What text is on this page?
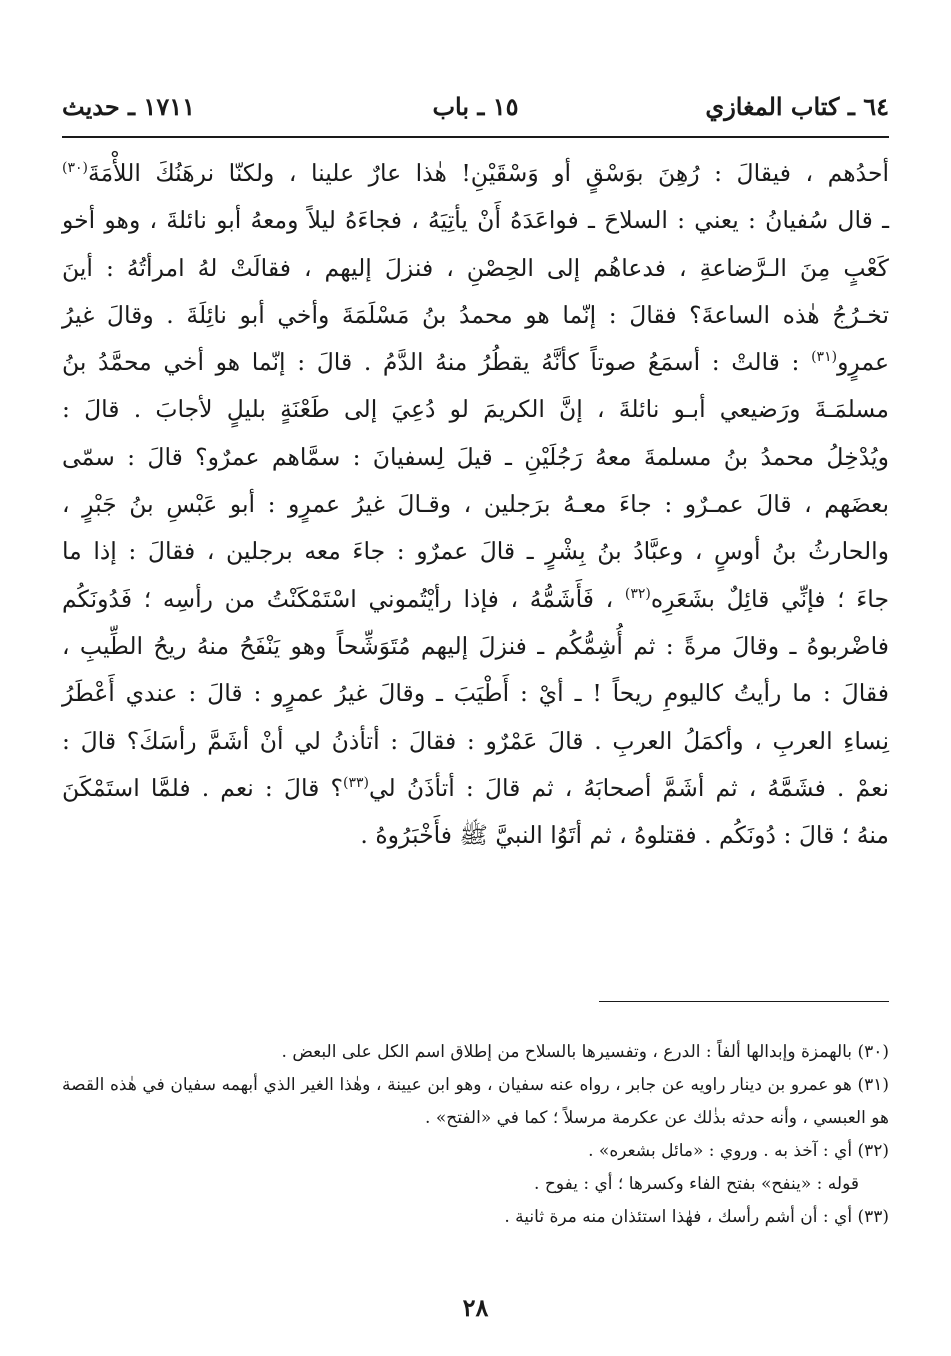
٦٤ ـ كتاب المغازي
١٥ ـ باب
١٧١١ ـ حديث

أحدُهم ، فيقالَ : رُهِنَ بوَسْقٍ أو وَسْقَيْنِ! هٰذا عارٌ علينا ، ولكنّا نرهَنُكَ اللأْمَةَ$^{(٣٠)}$

ـ قال سُفيانُ : يعني : السلاحَ ـ فواعَدَهُ أَنْ يأتِيَهُ ، فجاءَهُ ليلاً ومعهُ أبو نائلةَ ، وهو أخو

كَعْبٍ مِنَ الـرَّضاعةِ ، فدعاهُم إلى الحِصْنِ ، فنزلَ إليهم ، فقالَتْ لهُ امرأتُهُ : أينَ

تخـرُجُ هٰذه الساعةَ؟ فقالَ : إنّما هو محمدُ بنُ مَسْلَمَةَ وأخي أبو نائِلَةَ . وقالَ غيرُ

عمرٍو$^{(٣١)}$ : قالتْ : أسمَعُ صوتاً كأنَّهُ يقطُرُ منهُ الدَّمُ . قالَ : إنّما هو أخي محمَّدُ بنُ

مسلمَـةَ ورَضيعي أبـو نائلةَ ، إنَّ الكريمَ لو دُعِيَ إلى طَعْنَةٍ بليلٍ لأجابَ . قالَ :

ويُدْخِلُ محمدُ بنُ مسلمةَ معهُ رَجُلَيْنِ ـ قيلَ لِسفيانَ : سمَّاهم عمرٌو؟ قالَ : سمّى

بعضَهم ، قالَ عمـرٌو : جاءَ معـهُ برَجلين ، وقـالَ غيرُ عمرٍو : أبو عَبْسِ بنُ جَبْرٍ ،

والحارثُ بنُ أوسٍ ، وعبَّادُ بنُ بِشْرٍ ـ قالَ عمرٌو : جاءَ معه برجلين ، فقالَ : إذا ما

جاءَ ؛ فإنِّي قائِلٌ بشَعَرِه$^{(٣٢)}$ ، فَأَشَمُّهُ ، فإذا رأيْتُموني اسْتَمْكَنْتُ من رأسِه ؛ فَدُونَكُم

فاضْربوهُ ـ وقالَ مرةً : ثم أُشِمُّكُم ـ فنزلَ إليهم مُتَوَشِّحاً وهو يَنْفَحُ منهُ ريحُ الطِّيبِ ،

فقالَ : ما رأيتُ كاليومِ ريحاً ! ـ أيْ : أَطْيَبَ ـ وقالَ غيرُ عمرٍو : قالَ : عندي أَعْطَرُ

نِساءِ العربِ ، وأكمَلُ العربِ . قالَ عَمْرٌو : فقالَ : أتأذنُ لي أنْ أشَمَّ رأسَكَ؟ قالَ :

نعمْ . فشَمَّهُ ، ثم أشَمَّ أصحابَهُ ، ثم قالَ : أتأذَنُ لي$^{(٣٣)}$؟ قالَ : نعم . فلمَّا استَمْكَنَ

منهُ ؛ قالَ : دُونَكُم . فقتلوهُ ، ثم أتَوُا النبيَّ ﷺ فأَخْبَرُوهُ .

(٣٠) بالهمزة وإبدالها ألفاً : الدرع ، وتفسيرها بالسلاح من إطلاق اسم الكل على البعض .

(٣١) هو عمرو بن دينار راويه عن جابر ، رواه عنه سفيان ، وهو ابن عيينة ، وهٰذا الغير الذي أبهمه سفيان في هٰذه القصة هو العبسي ، وأنه حدثه بذٰلك عن عكرمة مرسلاً ؛ كما في «الفتح» .

(٣٢) أي : آخذ به . وروي : «مائل بشعره» .

قوله : «ينفح» بفتح الفاء وكسرها ؛ أي : يفوح .

(٣٣) أي : أن أشم رأسك ، فهٰذا استئذان منه مرة ثانية .

٢٨
